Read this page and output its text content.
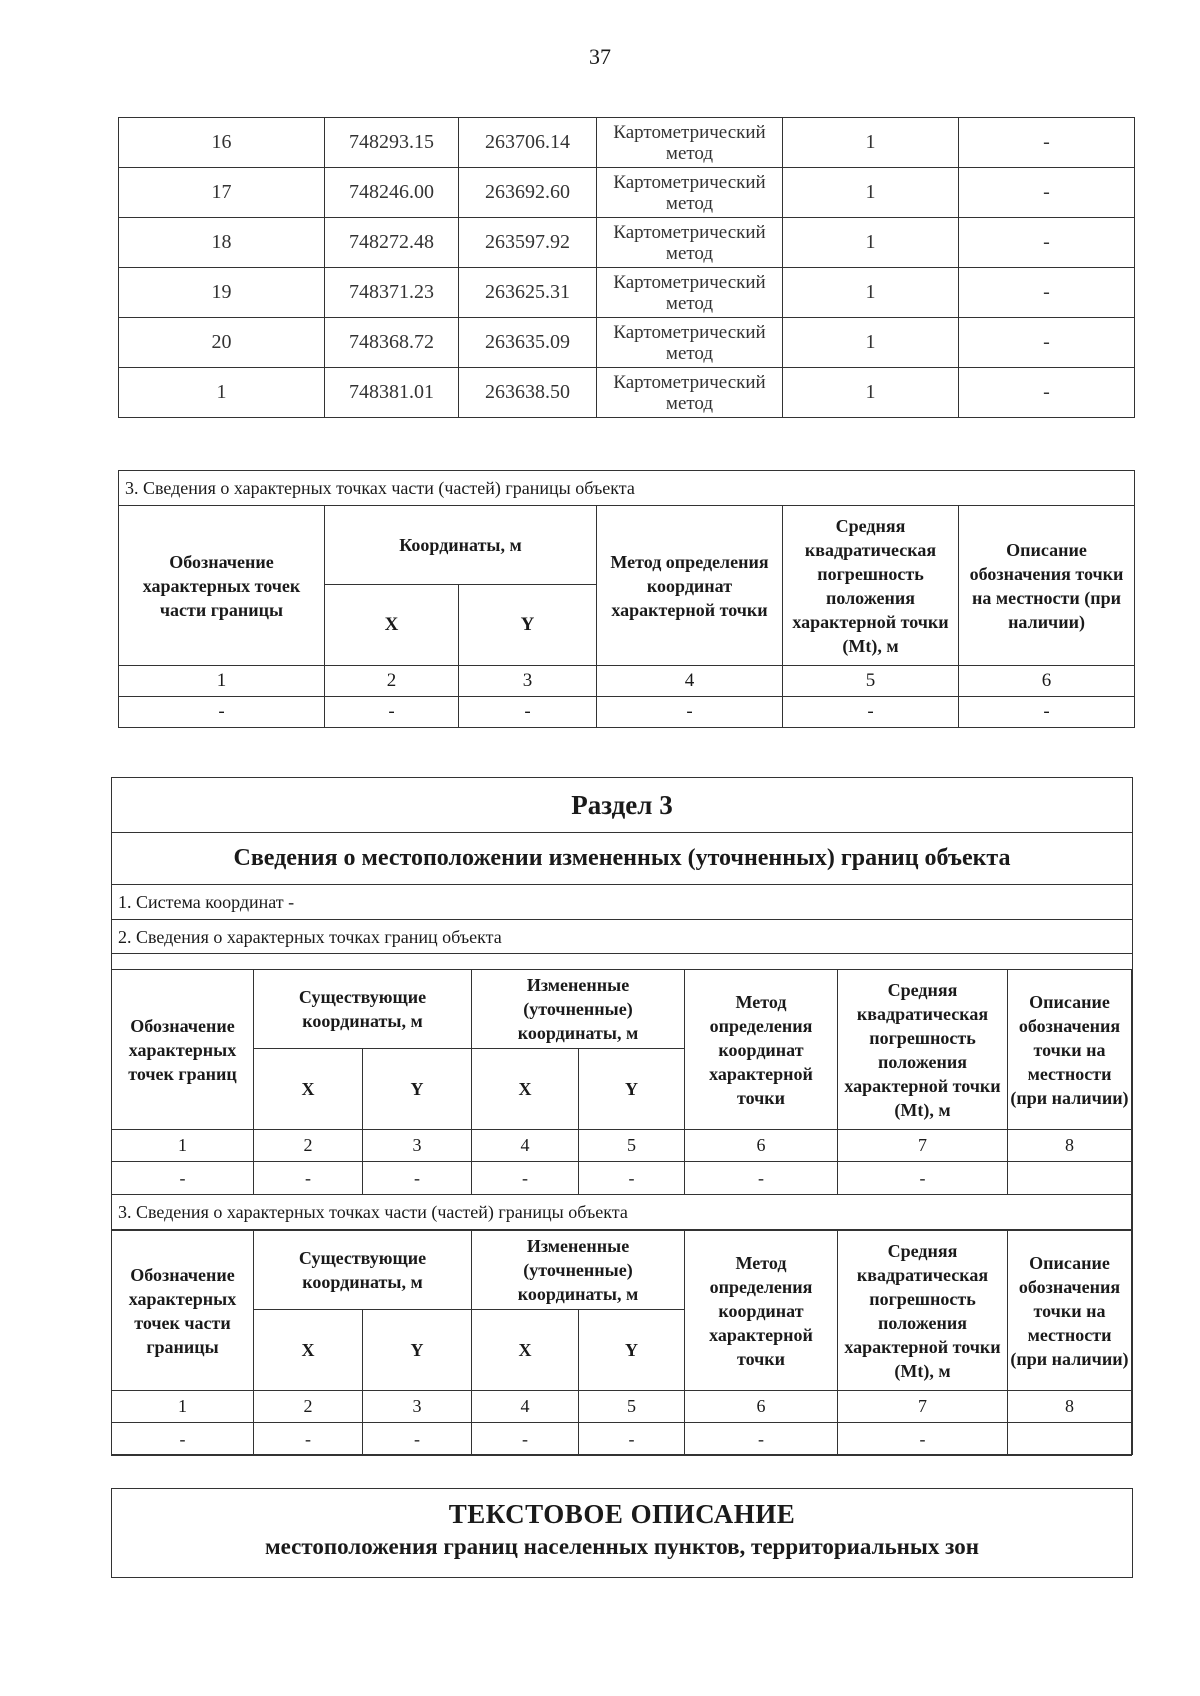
37
16	748293.15	263706.14	Картометрический метод	1	-
17	748246.00	263692.60	Картометрический метод	1	-
18	748272.48	263597.92	Картометрический метод	1	-
19	748371.23	263625.31	Картометрический метод	1	-
20	748368.72	263635.09	Картометрический метод	1	-
1	748381.01	263638.50	Картометрический метод	1	-
3. Сведения о характерных точках части (частей) границы объекта					
Обозначение характерных точек части границы	Координаты, м		Метод определения координат характерной точки	Средняя квадратическая погрешность положения характерной точки (Mt), м	Описание обозначения точки на местности (при наличии)
	X	Y			
1	2	3	4	5	6
-	-	-	-	-	-
Раздел 3
Сведения о местоположении измененных (уточненных) границ объекта
1. Система координат -
2. Сведения о характерных точках границ объекта
Обозначение характерных точек границ	Существующие координаты, м		Измененные (уточненные) координаты, м		Метод определения координат характерной точки	Средняя квадратическая погрешность положения характерной точки (Mt), м	Описание обозначения точки на местности (при наличии)
	X	Y	X	Y			
1	2	3	4	5	6	7	8
-	-	-	-	-	-	-	
3. Сведения о характерных точках части (частей) границы объекта							
Обозначение характерных точек части границы	Существующие координаты, м		Измененные (уточненные) координаты, м		Метод определения координат характерной точки	Средняя квадратическая погрешность положения характерной точки (Mt), м	Описание обозначения точки на местности (при наличии)
	X	Y	X	Y			
1	2	3	4	5	6	7	8
-	-	-	-	-	-	-	
ТЕКСТОВОЕ ОПИСАНИЕ
местоположения границ населенных пунктов, территориальных зон
